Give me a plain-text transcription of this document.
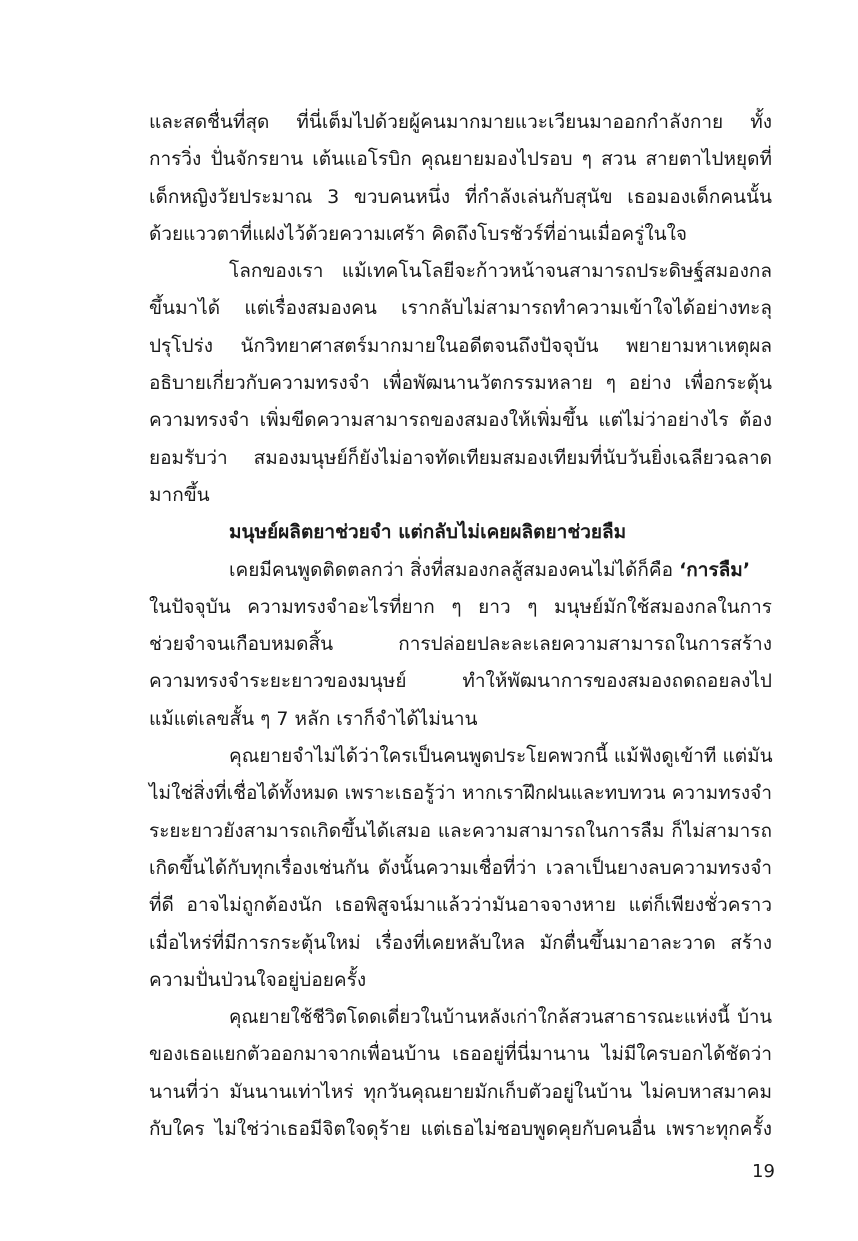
และสดชื่นที่สุด ที่นี่เต็มไปด้วยผู้คนมากมายแวะเวียนมาออกกำลังกาย ทั้ง
การวิ่ง ปั่นจักรยาน เต้นแอโรบิก คุณยายมองไปรอบ ๆ สวน สายตาไปหยุดที่
เด็กหญิงวัยประมาณ 3 ขวบคนหนึ่ง ที่กำลังเล่นกับสุนัข เธอมองเด็กคนนั้น
ด้วยแววตาที่แฝงไว้ด้วยความเศร้า คิดถึงโบรชัวร์ที่อ่านเมื่อครู่ในใจ
โลกของเรา แม้เทคโนโลยีจะก้าวหน้าจนสามารถประดิษฐ์สมองกล
ขึ้นมาได้ แต่เรื่องสมองคน เรากลับไม่สามารถทำความเข้าใจได้อย่างทะลุ
ปรุโปร่ง นักวิทยาศาสตร์มากมายในอดีตจนถึงปัจจุบัน พยายามหาเหตุผล
อธิบายเกี่ยวกับความทรงจำ เพื่อพัฒนานวัตกรรมหลาย ๆ อย่าง เพื่อกระตุ้น
ความทรงจำ เพิ่มขีดความสามารถของสมองให้เพิ่มขึ้น แต่ไม่ว่าอย่างไร ต้อง
ยอมรับว่า สมองมนุษย์ก็ยังไม่อาจทัดเทียมสมองเทียมที่นับวันยิ่งเฉลียวฉลาด
มากขึ้น
มนุษย์ผลิตยาช่วยจำ แต่กลับไม่เคยผลิตยาช่วยลืม
เคยมีคนพูดติดตลกว่า สิ่งที่สมองกลสู้สมองคนไม่ได้ก็คือ ‘การลืม’
ในปัจจุบัน ความทรงจำอะไรที่ยาก ๆ ยาว ๆ มนุษย์มักใช้สมองกลในการ
ช่วยจำจนเกือบหมดสิ้น การปล่อยปละละเลยความสามารถในการสร้าง
ความทรงจำระยะยาวของมนุษย์ ทำให้พัฒนาการของสมองถดถอยลงไป
แม้แต่เลขสั้น ๆ 7 หลัก เราก็จำได้ไม่นาน
คุณยายจำไม่ได้ว่าใครเป็นคนพูดประโยคพวกนี้ แม้ฟังดูเข้าที แต่มัน
ไม่ใช่สิ่งที่เชื่อได้ทั้งหมด เพราะเธอรู้ว่า หากเราฝึกฝนและทบทวน ความทรงจำ
ระยะยาวยังสามารถเกิดขึ้นได้เสมอ และความสามารถในการลืม ก็ไม่สามารถ
เกิดขึ้นได้กับทุกเรื่องเช่นกัน ดังนั้นความเชื่อที่ว่า เวลาเป็นยางลบความทรงจำ
ที่ดี อาจไม่ถูกต้องนัก เธอพิสูจน์มาแล้วว่ามันอาจจางหาย แต่ก็เพียงชั่วคราว
เมื่อไหร่ที่มีการกระตุ้นใหม่ เรื่องที่เคยหลับใหล มักตื่นขึ้นมาอาละวาด สร้าง
ความปั่นป่วนใจอยู่บ่อยครั้ง
คุณยายใช้ชีวิตโดดเดี่ยวในบ้านหลังเก่าใกล้สวนสาธารณะแห่งนี้ บ้าน
ของเธอแยกตัวออกมาจากเพื่อนบ้าน เธออยู่ที่นี่มานาน ไม่มีใครบอกได้ชัดว่า
นานที่ว่า มันนานเท่าไหร่ ทุกวันคุณยายมักเก็บตัวอยู่ในบ้าน ไม่คบหาสมาคม
กับใคร ไม่ใช่ว่าเธอมีจิตใจดุร้าย แต่เธอไม่ชอบพูดคุยกับคนอื่น เพราะทุกครั้ง
19
